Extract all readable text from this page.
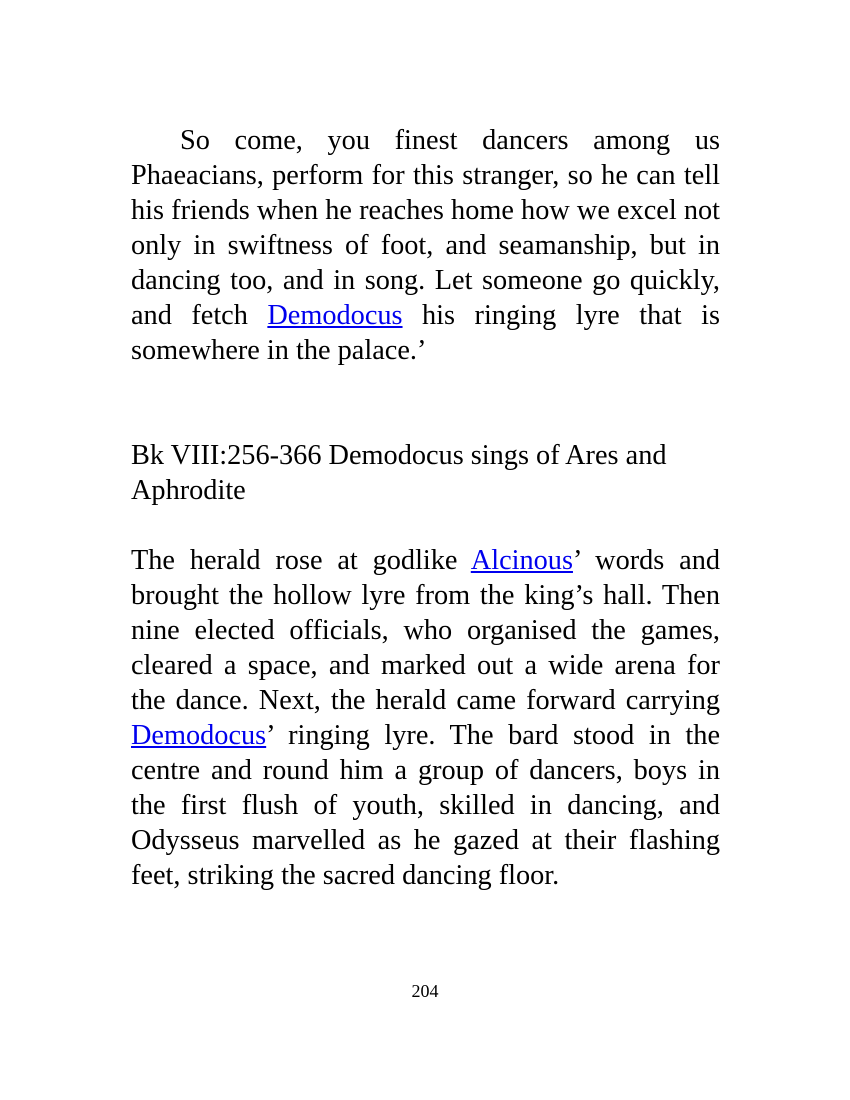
So come, you finest dancers among us Phaeacians, perform for this stranger, so he can tell his friends when he reaches home how we excel not only in swiftness of foot, and seamanship, but in dancing too, and in song. Let someone go quickly, and fetch Demodocus his ringing lyre that is somewhere in the palace.’

Bk VIII:256-366 Demodocus sings of Ares and Aphrodite

The herald rose at godlike Alcinous’ words and brought the hollow lyre from the king’s hall. Then nine elected officials, who organised the games, cleared a space, and marked out a wide arena for the dance. Next, the herald came forward carrying Demodocus’ ringing lyre. The bard stood in the centre and round him a group of dancers, boys in the first flush of youth, skilled in dancing, and Odysseus marvelled as he gazed at their flashing feet, striking the sacred dancing floor.

204
